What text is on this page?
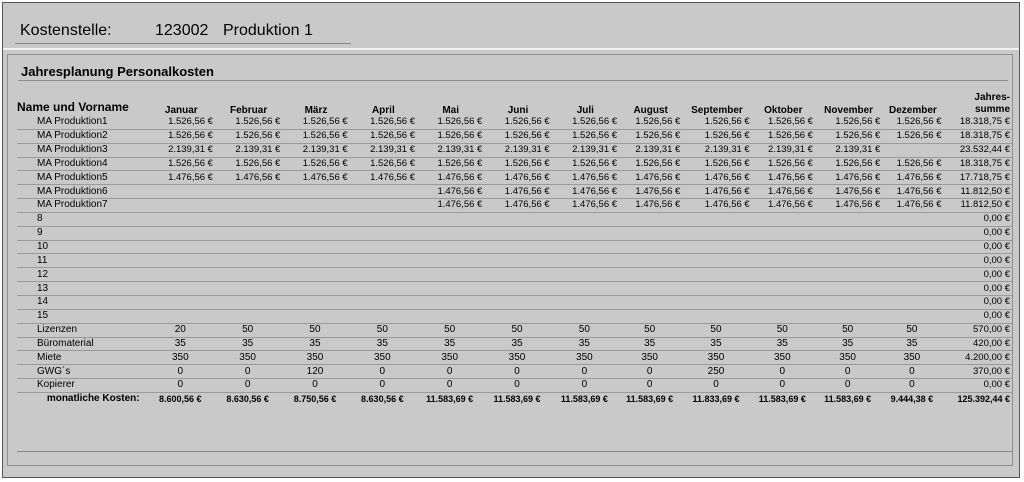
Kostenstelle:	123002 Produktion 1
Jahresplanung Personalkosten
Name und Vorname	Januar	Februar	März	April	Mai	Juni	Juli	August	September	Oktober	November	Dezember	Jahres-
summe
MA Produktion1	1.526,56 €	1.526,56 €	1.526,56 €	1.526,56 €	1.526,56 €	1.526,56 €	1.526,56 €	1.526,56 €	1.526,56 €	1.526,56 €	1.526,56 €	1.526,56 €	18.318,75 €
MA Produktion2	1.526,56 €	1.526,56 €	1.526,56 €	1.526,56 €	1.526,56 €	1.526,56 €	1.526,56 €	1.526,56 €	1.526,56 €	1.526,56 €	1.526,56 €	1.526,56 €	18.318,75 €
MA Produktion3	2.139,31 €	2.139,31 €	2.139,31 €	2.139,31 €	2.139,31 €	2.139,31 €	2.139,31 €	2.139,31 €	2.139,31 €	2.139,31 €	2.139,31 €		23.532,44 €
MA Produktion4	1.526,56 €	1.526,56 €	1.526,56 €	1.526,56 €	1.526,56 €	1.526,56 €	1.526,56 €	1.526,56 €	1.526,56 €	1.526,56 €	1.526,56 €	1.526,56 €	18.318,75 €
MA Produktion5	1.476,56 €	1.476,56 €	1.476,56 €	1.476,56 €	1.476,56 €	1.476,56 €	1.476,56 €	1.476,56 €	1.476,56 €	1.476,56 €	1.476,56 €	1.476,56 €	17.718,75 €
MA Produktion6					1.476,56 €	1.476,56 €	1.476,56 €	1.476,56 €	1.476,56 €	1.476,56 €	1.476,56 €	1.476,56 €	11.812,50 €
MA Produktion7					1.476,56 €	1.476,56 €	1.476,56 €	1.476,56 €	1.476,56 €	1.476,56 €	1.476,56 €	1.476,56 €	11.812,50 €
8													0,00 €
9													0,00 €
10													0,00 €
11													0,00 €
12													0,00 €
13													0,00 €
14													0,00 €
15													0,00 €
Lizenzen	20	50	50	50	50	50	50	50	50	50	50	50	570,00 €
Büromaterial	35	35	35	35	35	35	35	35	35	35	35	35	420,00 €
Miete	350	350	350	350	350	350	350	350	350	350	350	350	4.200,00 €
GWG´s	0	0	120	0	0	0	0	0	250	0	0	0	370,00 €
Kopierer	0	0	0	0	0	0	0	0	0	0	0	0	0,00 €
monatliche Kosten:	8.600,56 €	8.630,56 €	8.750,56 €	8.630,56 €	11.583,69 €	11.583,69 €	11.583,69 €	11.583,69 €	11.833,69 €	11.583,69 €	11.583,69 €	9.444,38 €	125.392,44 €
